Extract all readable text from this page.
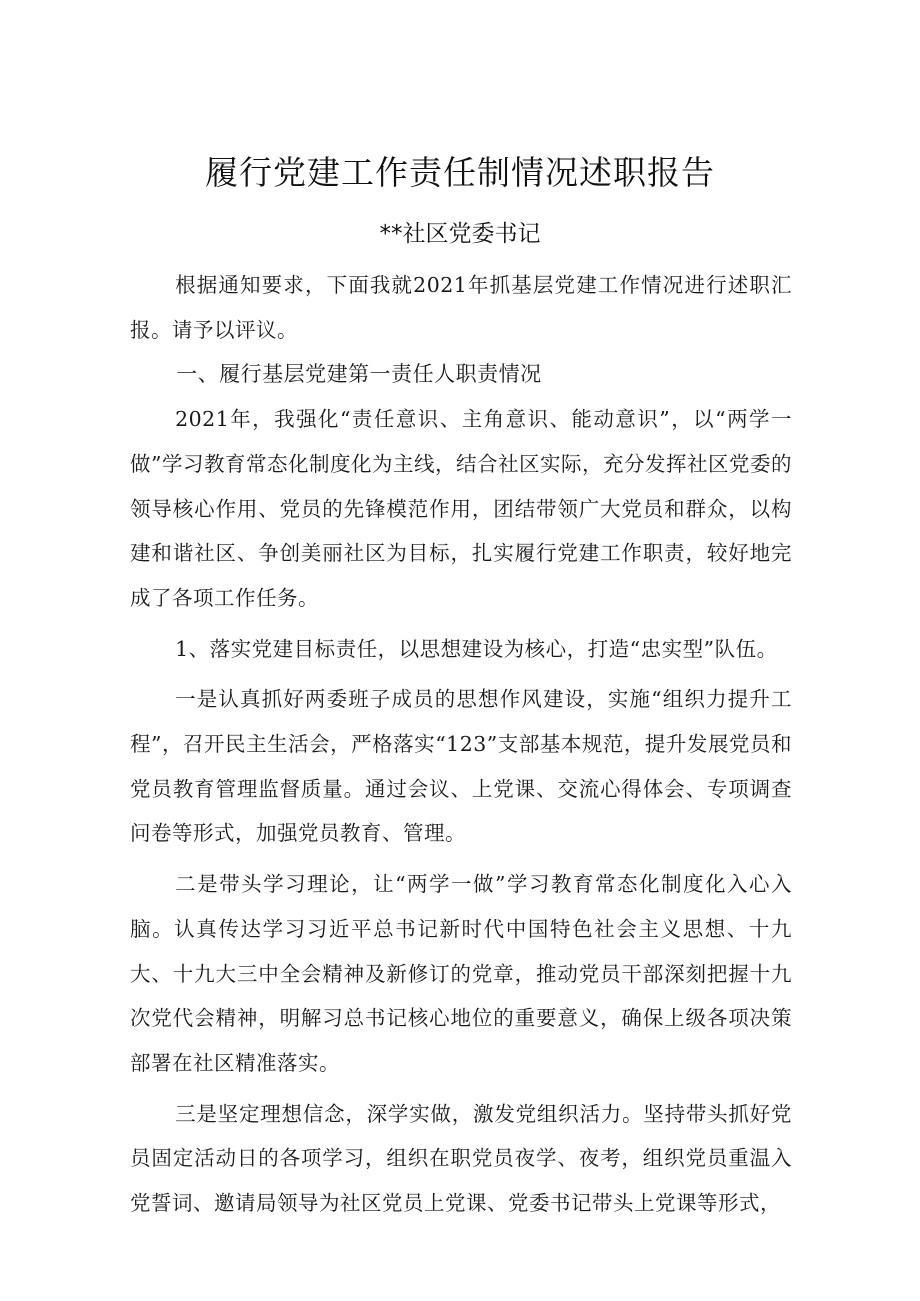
履行党建工作责任制情况述职报告
**社区党委书记

根据通知要求，下面我就2021年抓基层党建工作情况进行述职汇报。请予以评议。

一、履行基层党建第一责任人职责情况

2021年，我强化“责任意识、主角意识、能动意识”，以“两学一做”学习教育常态化制度化为主线，结合社区实际，充分发挥社区党委的领导核心作用、党员的先锋模范作用，团结带领广大党员和群众，以构建和谐社区、争创美丽社区为目标，扎实履行党建工作职责，较好地完成了各项工作任务。

1、落实党建目标责任，以思想建设为核心，打造“忠实型”队伍。

一是认真抓好两委班子成员的思想作风建设，实施“组织力提升工程”，召开民主生活会，严格落实“123”支部基本规范，提升发展党员和党员教育管理监督质量。通过会议、上党课、交流心得体会、专项调查问卷等形式，加强党员教育、管理。

二是带头学习理论，让“两学一做”学习教育常态化制度化入心入脑。认真传达学习习近平总书记新时代中国特色社会主义思想、十九大、十九大三中全会精神及新修订的党章，推动党员干部深刻把握十九次党代会精神，明解习总书记核心地位的重要意义，确保上级各项决策部署在社区精准落实。

三是坚定理想信念，深学实做，激发党组织活力。坚持带头抓好党员固定活动日的各项学习，组织在职党员夜学、夜考，组织党员重温入党誓词、邀请局领导为社区党员上党课、党委书记带头上党课等形式，
